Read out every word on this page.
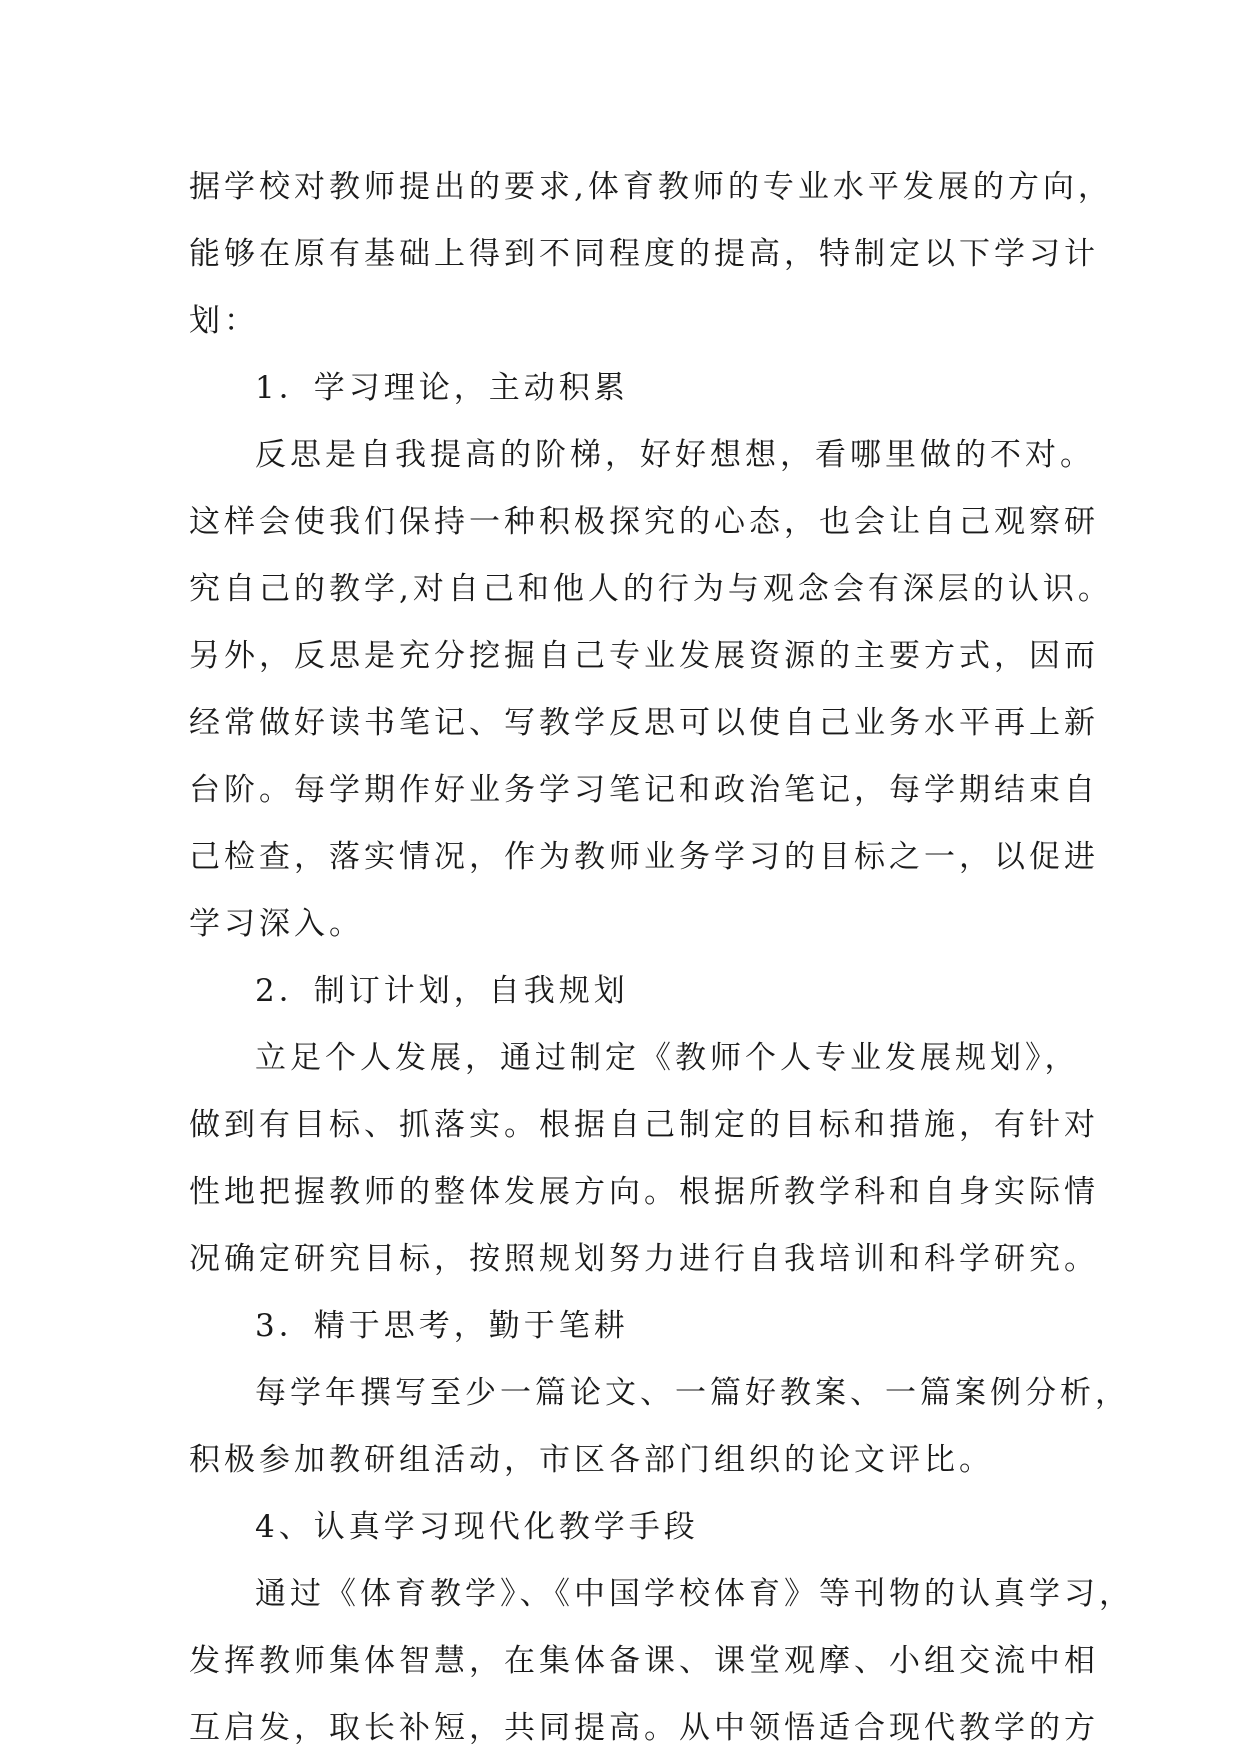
据学校对教师提出的要求,体育教师的专业水平发展的方向，
能够在原有基础上得到不同程度的提高，特制定以下学习计
划：
1．学习理论，主动积累
反思是自我提高的阶梯，好好想想，看哪里做的不对。
这样会使我们保持一种积极探究的心态，也会让自己观察研
究自己的教学,对自己和他人的行为与观念会有深层的认识。
另外，反思是充分挖掘自己专业发展资源的主要方式，因而
经常做好读书笔记、写教学反思可以使自己业务水平再上新
台阶。每学期作好业务学习笔记和政治笔记，每学期结束自
己检查，落实情况，作为教师业务学习的目标之一，以促进
学习深入。
2．制订计划，自我规划
立足个人发展，通过制定《教师个人专业发展规划》，
做到有目标、抓落实。根据自己制定的目标和措施，有针对
性地把握教师的整体发展方向。根据所教学科和自身实际情
况确定研究目标，按照规划努力进行自我培训和科学研究。
3．精于思考，勤于笔耕
每学年撰写至少一篇论文、一篇好教案、一篇案例分析，
积极参加教研组活动，市区各部门组织的论文评比。
4、认真学习现代化教学手段
通过《体育教学》、《中国学校体育》等刊物的认真学习，
发挥教师集体智慧，在集体备课、课堂观摩、小组交流中相
互启发，取长补短，共同提高。从中领悟适合现代教学的方
